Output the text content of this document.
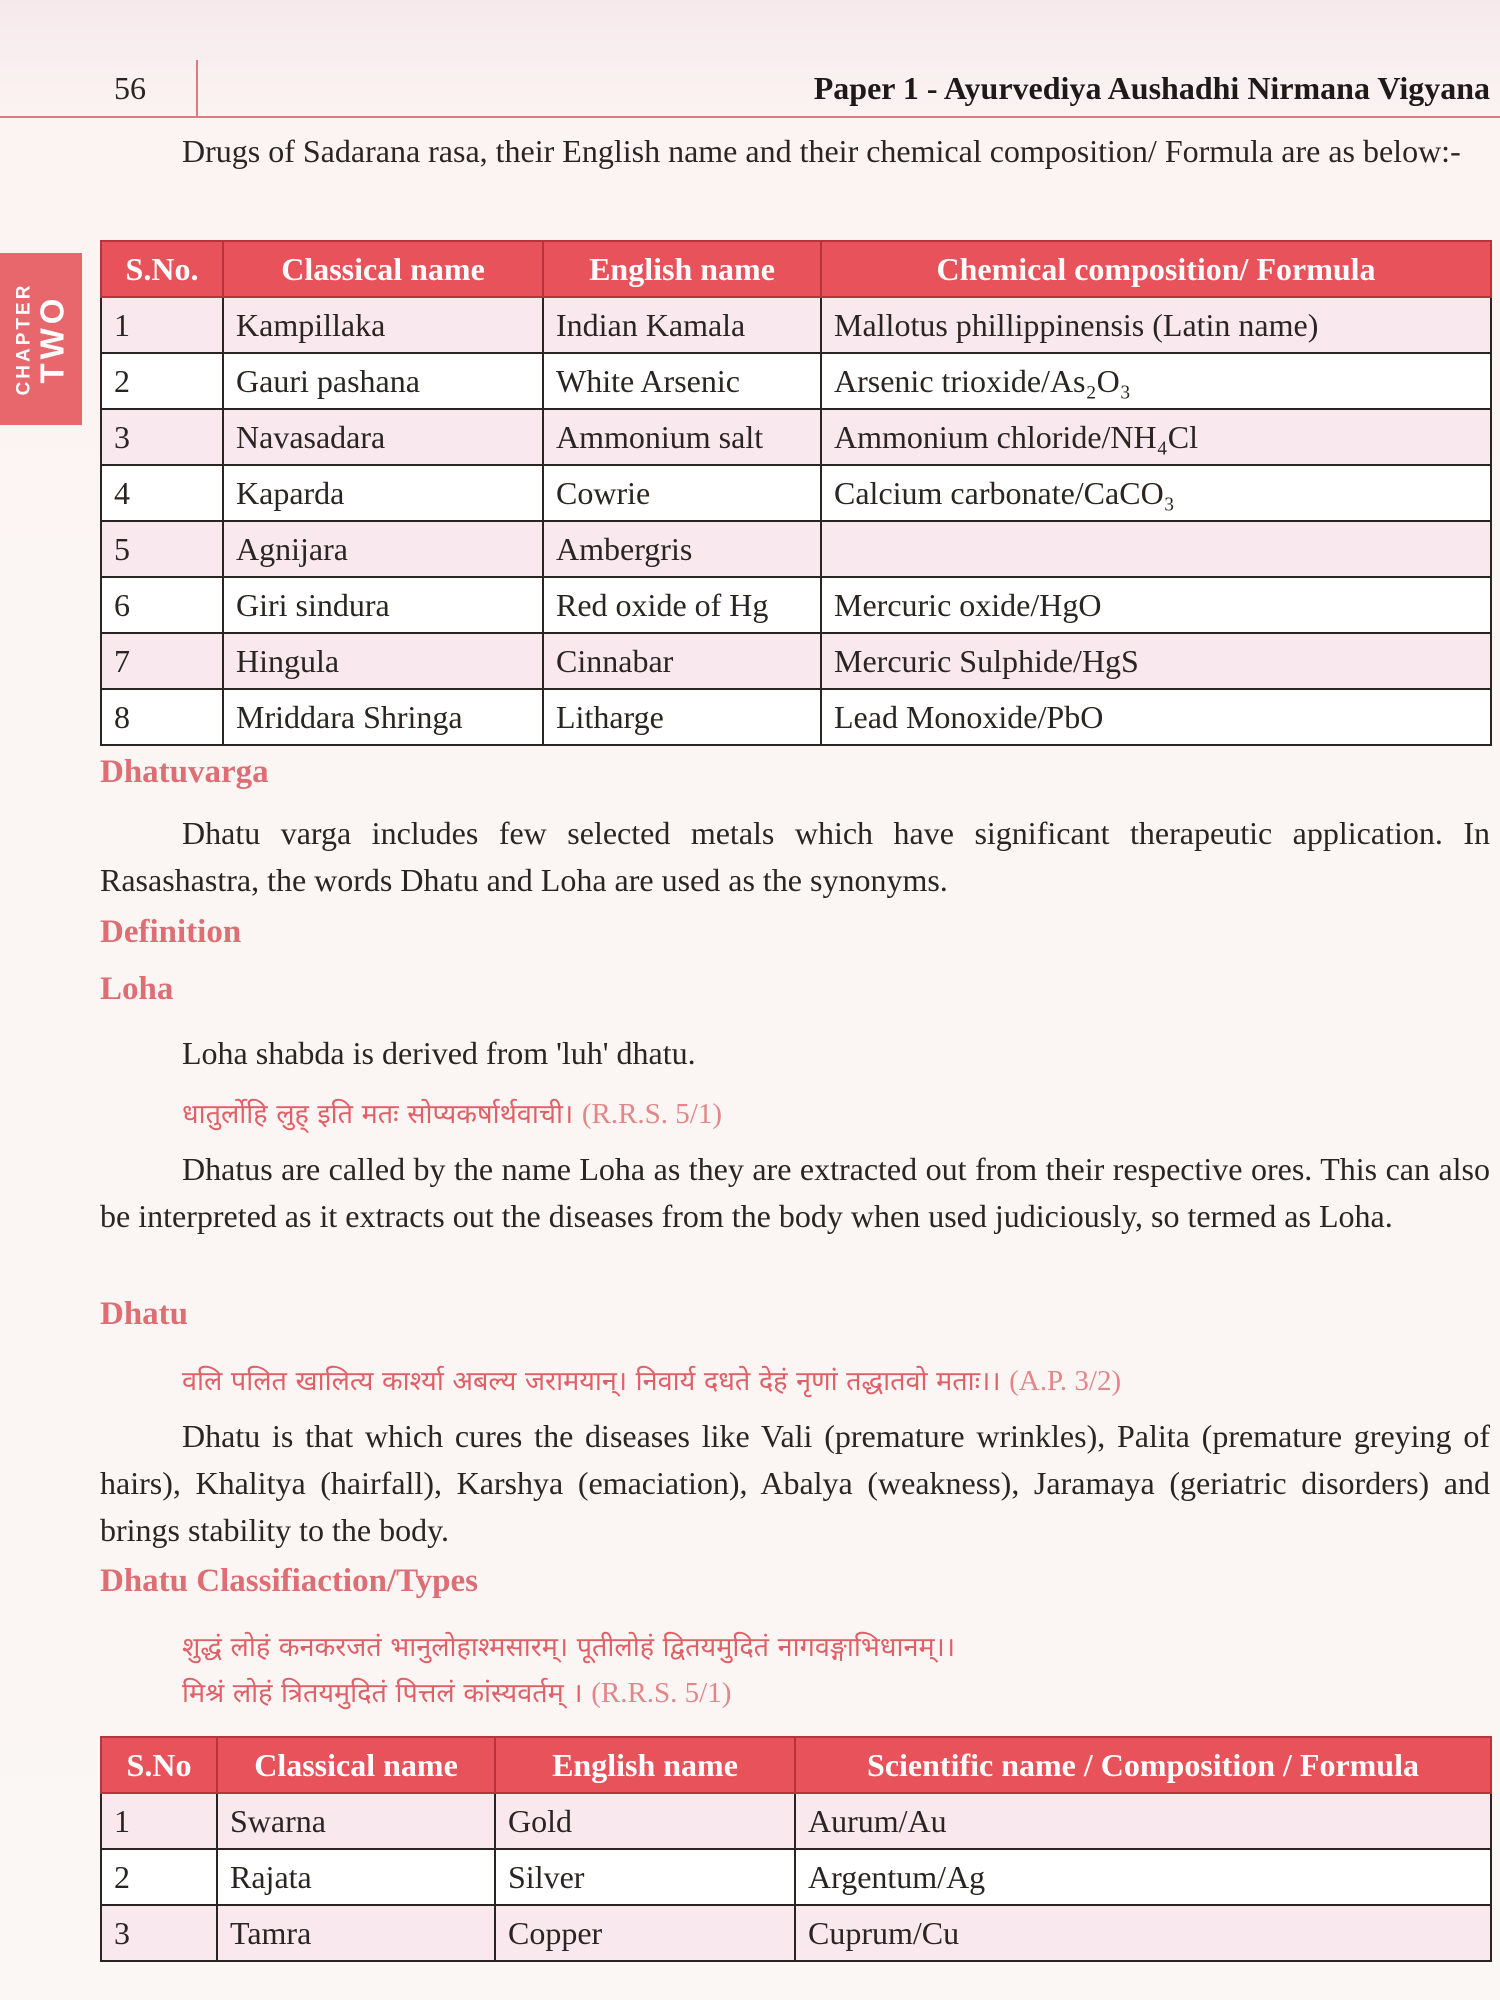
56	Paper 1 - Ayurvediya Aushadhi Nirmana Vigyana
CHAPTER TWO

Drugs of Sadarana rasa, their English name and their chemical composition/ Formula are as below:-

S.No.	Classical name	English name	Chemical composition/ Formula
1	Kampillaka	Indian Kamala	Mallotus phillippinensis (Latin name)
2	Gauri pashana	White Arsenic	Arsenic trioxide/As₂O₃
3	Navasadara	Ammonium salt	Ammonium chloride/NH₄Cl
4	Kaparda	Cowrie	Calcium carbonate/CaCO₃
5	Agnijara	Ambergris	
6	Giri sindura	Red oxide of Hg	Mercuric oxide/HgO
7	Hingula	Cinnabar	Mercuric Sulphide/HgS
8	Mriddara Shringa	Litharge	Lead Monoxide/PbO
Dhatuvarga

Dhatu varga includes few selected metals which have significant therapeutic application. In Rasashastra, the words Dhatu and Loha are used as the synonyms.

Definition
Loha

Loha shabda is derived from 'luh' dhatu.

धातुर्लोहि लुह् इति मतः सोप्यकर्षार्थवाची। (R.R.S. 5/1)

Dhatus are called by the name Loha as they are extracted out from their respective ores. This can also be interpreted as it extracts out the diseases from the body when used judiciously, so termed as Loha.

Dhatu
वलि पलित खालित्य कार्श्या अबल्य जरामयान्। निवार्य दधते देहं नृणां तद्धातवो मताः।। (A.P. 3/2)

Dhatu is that which cures the diseases like Vali (premature wrinkles), Palita (premature greying of hairs), Khalitya (hairfall), Karshya (emaciation), Abalya (weakness), Jaramaya (geriatric disorders) and brings stability to the body.

Dhatu Classifiaction/Types
शुद्धं लोहं कनकरजतं भानुलोहाश्मसारम्। पूतीलोहं द्वितयमुदितं नागवङ्गाभिधानम्।।
मिश्रं लोहं त्रितयमुदितं पित्तलं कांस्यवर्तम् । (R.R.S. 5/1)
S.No	Classical name	English name	Scientific name / Composition / Formula
1	Swarna	Gold	Aurum/Au
2	Rajata	Silver	Argentum/Ag
3	Tamra	Copper	Cuprum/Cu
